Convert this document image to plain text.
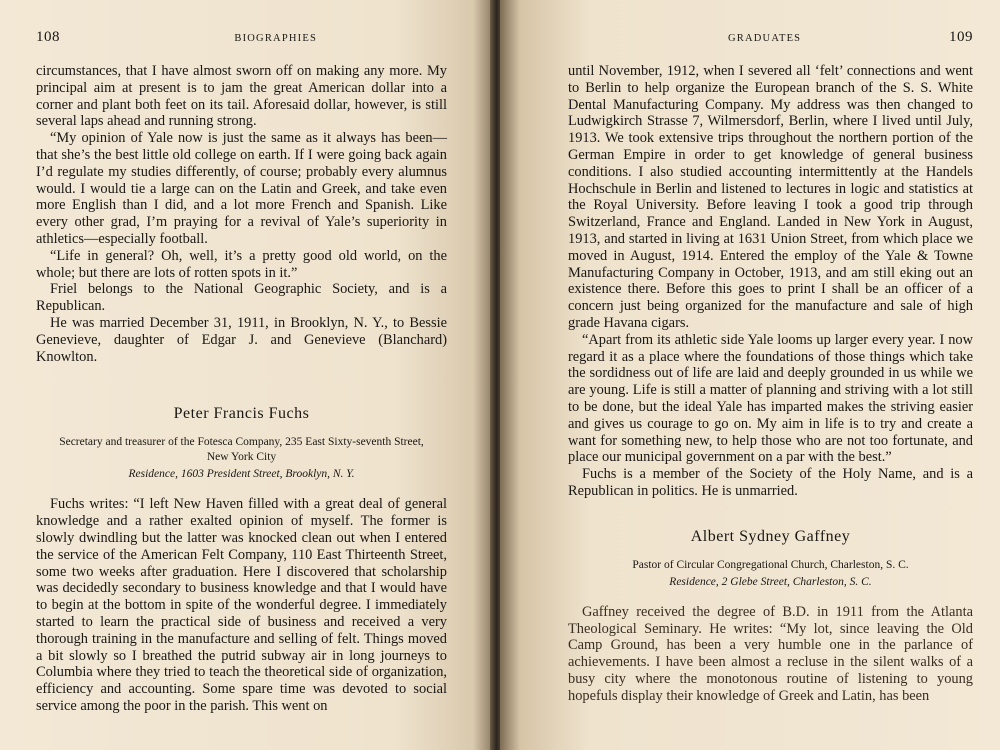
108	BIOGRAPHIES

circumstances, that I have almost sworn off on making any more. My principal aim at present is to jam the great American dollar into a corner and plant both feet on its tail. Aforesaid dollar, however, is still several laps ahead and running strong.

“My opinion of Yale now is just the same as it always has been—that she’s the best little old college on earth. If I were going back again I’d regulate my studies differently, of course; probably every alumnus would. I would tie a large can on the Latin and Greek, and take even more English than I did, and a lot more French and Spanish. Like every other grad, I’m praying for a revival of Yale’s superiority in athletics—especially football.

“Life in general? Oh, well, it’s a pretty good old world, on the whole; but there are lots of rotten spots in it.”

Friel belongs to the National Geographic Society, and is a Republican.

He was married December 31, 1911, in Brooklyn, N. Y., to Bessie Genevieve, daughter of Edgar J. and Genevieve (Blanchard) Knowlton.

Peter Francis Fuchs
Secretary and treasurer of the Fotesca Company, 235 East Sixty-seventh Street, New York City
Residence, 1603 President Street, Brooklyn, N. Y.

Fuchs writes: “I left New Haven filled with a great deal of general knowledge and a rather exalted opinion of myself. The former is slowly dwindling but the latter was knocked clean out when I entered the service of the American Felt Company, 110 East Thirteenth Street, some two weeks after graduation. Here I discovered that scholarship was decidedly secondary to business knowledge and that I would have to begin at the bottom in spite of the wonderful degree. I immediately started to learn the practical side of business and received a very thorough training in the manufacture and selling of felt. Things moved a bit slowly so I breathed the putrid subway air in long journeys to Columbia where they tried to teach the theoretical side of organization, efficiency and accounting. Some spare time was devoted to social service among the poor in the parish. This went on

GRADUATES	109

until November, 1912, when I severed all ‘felt’ connections and went to Berlin to help organize the European branch of the S. S. White Dental Manufacturing Company. My address was then changed to Ludwigkirch Strasse 7, Wilmersdorf, Berlin, where I lived until July, 1913. We took extensive trips throughout the northern portion of the German Empire in order to get knowledge of general business conditions. I also studied accounting intermittently at the Handels Hochschule in Berlin and listened to lectures in logic and statistics at the Royal University. Before leaving I took a good trip through Switzerland, France and England. Landed in New York in August, 1913, and started in living at 1631 Union Street, from which place we moved in August, 1914. Entered the employ of the Yale & Towne Manufacturing Company in October, 1913, and am still eking out an existence there. Before this goes to print I shall be an officer of a concern just being organized for the manufacture and sale of high grade Havana cigars.

“Apart from its athletic side Yale looms up larger every year. I now regard it as a place where the foundations of those things which take the sordidness out of life are laid and deeply grounded in us while we are young. Life is still a matter of planning and striving with a lot still to be done, but the ideal Yale has imparted makes the striving easier and gives us courage to go on. My aim in life is to try and create a want for something new, to help those who are not too fortunate, and place our municipal government on a par with the best.”

Fuchs is a member of the Society of the Holy Name, and is a Republican in politics. He is unmarried.

Albert Sydney Gaffney
Pastor of Circular Congregational Church, Charleston, S. C.
Residence, 2 Glebe Street, Charleston, S. C.

Gaffney received the degree of B.D. in 1911 from the Atlanta Theological Seminary. He writes: “My lot, since leaving the Old Camp Ground, has been a very humble one in the parlance of achievements. I have been almost a recluse in the silent walks of a busy city where the monotonous routine of listening to young hopefuls display their knowledge of Greek and Latin, has been
